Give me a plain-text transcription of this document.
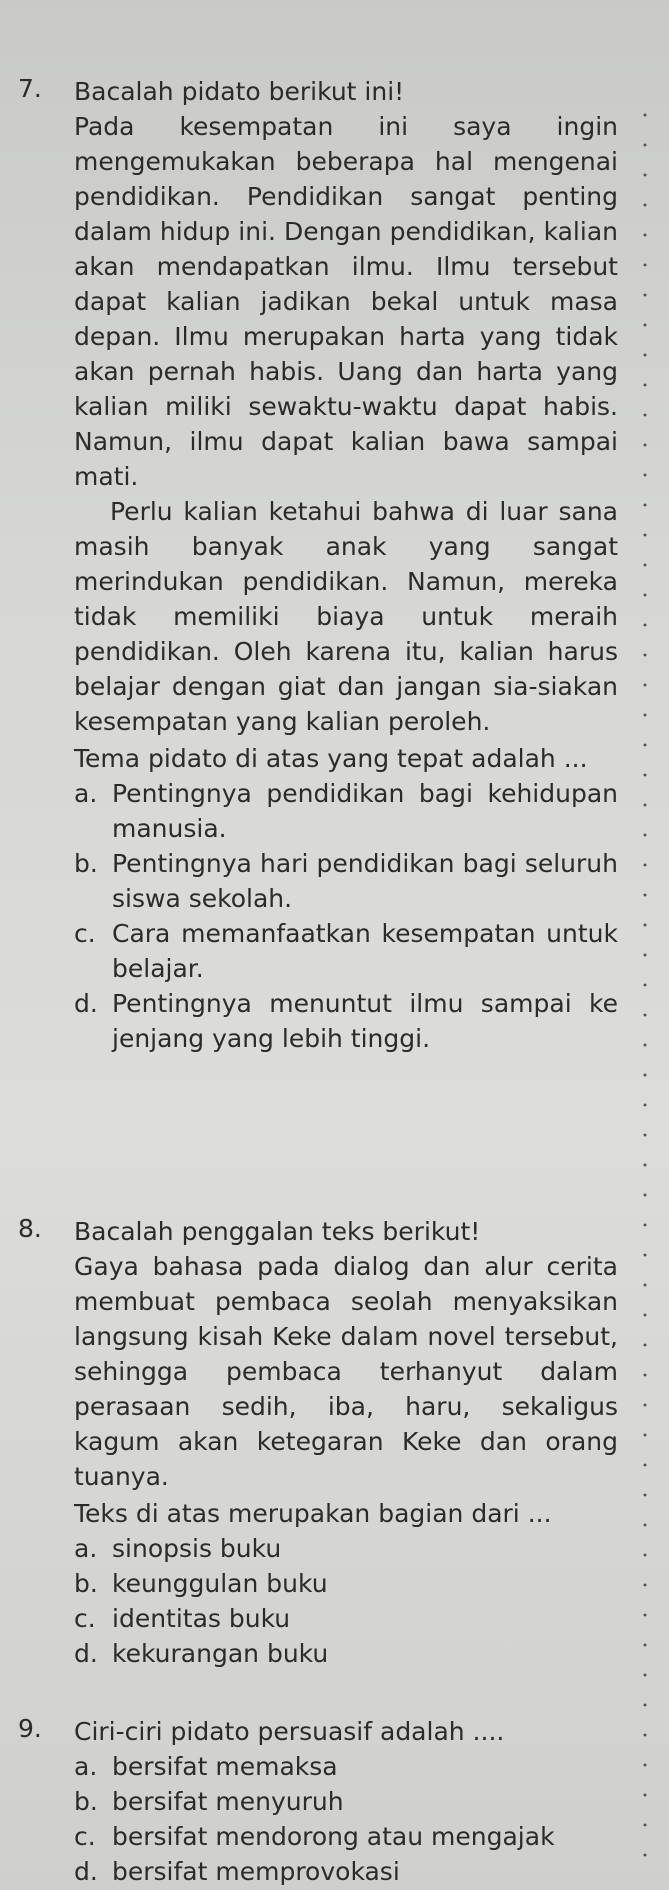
7. Bacalah pidato berikut ini!
Pada kesempatan ini saya ingin mengemukakan beberapa hal mengenai pendidikan. Pendidikan sangat penting dalam hidup ini. Dengan pendidikan, kalian akan mendapatkan ilmu. Ilmu tersebut dapat kalian jadikan bekal untuk masa depan. Ilmu merupakan harta yang tidak akan pernah habis. Uang dan harta yang kalian miliki sewaktu-waktu dapat habis. Namun, ilmu dapat kalian bawa sampai mati.
Perlu kalian ketahui bahwa di luar sana masih banyak anak yang sangat merindukan pendidikan. Namun, mereka tidak memiliki biaya untuk meraih pendidikan. Oleh karena itu, kalian harus belajar dengan giat dan jangan sia-siakan kesempatan yang kalian peroleh.
Tema pidato di atas yang tepat adalah ...
a. Pentingnya pendidikan bagi kehidupan manusia.
b. Pentingnya hari pendidikan bagi seluruh siswa sekolah.
c. Cara memanfaatkan kesempatan untuk belajar.
d. Pentingnya menuntut ilmu sampai ke jenjang yang lebih tinggi.
8. Bacalah penggalan teks berikut!
Gaya bahasa pada dialog dan alur cerita membuat pembaca seolah menyaksikan langsung kisah Keke dalam novel tersebut, sehingga pembaca terhanyut dalam perasaan sedih, iba, haru, sekaligus kagum akan ketegaran Keke dan orang tuanya.
Teks di atas merupakan bagian dari ...
a. sinopsis buku
b. keunggulan buku
c. identitas buku
d. kekurangan buku
9. Ciri-ciri pidato persuasif adalah ....
a. bersifat memaksa
b. bersifat menyuruh
c. bersifat mendorong atau mengajak
d. bersifat memprovokasi
